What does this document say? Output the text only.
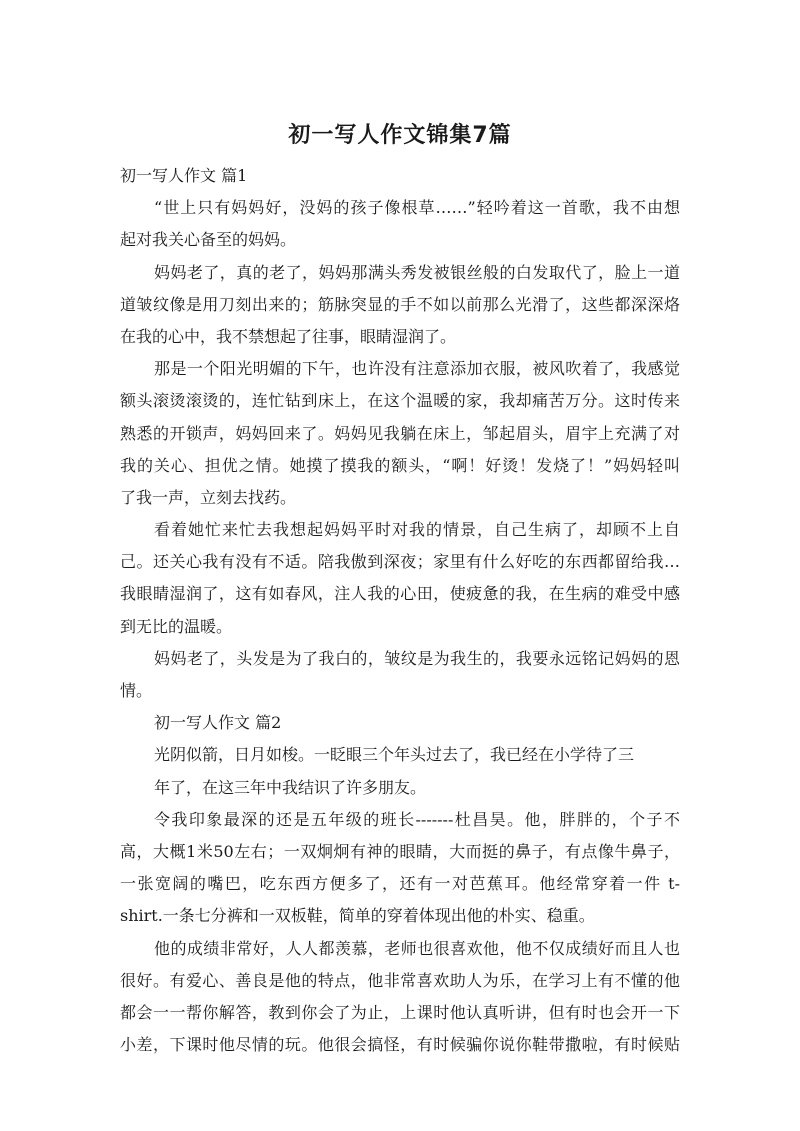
初一写人作文锦集7篇
初一写人作文 篇1
“世上只有妈妈好，没妈的孩子像根草……”轻吟着这一首歌，我不由想
起对我关心备至的妈妈。
妈妈老了，真的老了，妈妈那满头秀发被银丝般的白发取代了，脸上一道
道皱纹像是用刀刻出来的；筋脉突显的手不如以前那么光滑了，这些都深深烙
在我的心中，我不禁想起了往事，眼睛湿润了。
那是一个阳光明媚的下午，也许没有注意添加衣服，被风吹着了，我感觉
额头滚烫滚烫的，连忙钻到床上，在这个温暖的家，我却痛苦万分。这时传来
熟悉的开锁声，妈妈回来了。妈妈见我躺在床上，邹起眉头，眉宇上充满了对
我的关心、担优之情。她摸了摸我的额头，“啊！好烫！发烧了！”妈妈轻叫
了我一声，立刻去找药。
看着她忙来忙去我想起妈妈平时对我的情景，自己生病了，却顾不上自
己。还关心我有没有不适。陪我傲到深夜；家里有什么好吃的东西都留给我…
我眼睛湿润了，这有如春风，注人我的心田，使疲惫的我，在生病的难受中感
到无比的温暖。
妈妈老了，头发是为了我白的，皱纹是为我生的，我要永远铭记妈妈的恩
情。
初一写人作文 篇2
光阴似箭，日月如梭。一眨眼三个年头过去了，我已经在小学待了三
年了，在这三年中我结识了许多朋友。
令我印象最深的还是五年级的班长-------杜昌昊。他，胖胖的，个子不
高，大概1米50左右；一双炯炯有神的眼睛，大而挺的鼻子，有点像牛鼻子，
一张宽阔的嘴巴，吃东西方便多了，还有一对芭蕉耳。他经常穿着一件 t-
shirt.一条七分裤和一双板鞋，简单的穿着体现出他的朴实、稳重。
他的成绩非常好，人人都羡慕，老师也很喜欢他，他不仅成绩好而且人也
很好。有爱心、善良是他的特点，他非常喜欢助人为乐，在学习上有不懂的他
都会一一帮你解答，教到你会了为止，上课时他认真听讲，但有时也会开一下
小差，下课时他尽情的玩。他很会搞怪，有时候骗你说你鞋带撒啦，有时候贴
